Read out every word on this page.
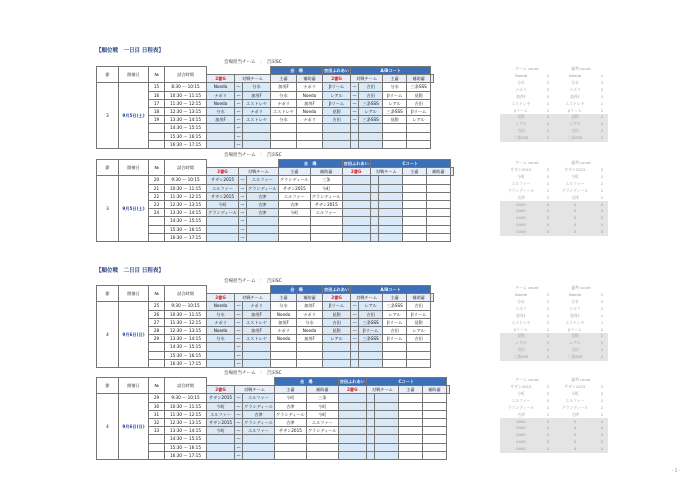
【順位戦　一日目 日程表】
会場担当チーム　：　吉田SC
節	開催日	№	試合時間				会　場		吉田ふれあい	A/Bコート				
				2審G	対戦チーム		主審	補助審	2審G	対戦チーム		主審	補助審	
3	9月5日(土)	15	8:30 〜 10:15	Noeda	—	分水	加茂F	ナポリ	JIリーム	—	吉田	分水	三条SSS	
		16	10:30 〜 11:15	ナポリ	—	加茂F	分水	Noeda	レアル	—	吉田	JIリーム	見附	
		17	11:30 〜 12:15	Noeda	—	エストレヤ	ナポリ	加茂F	JIリーム	—	三条SSS	レアル	吉田	
		18	12:30 〜 13:15	分水	—	ナポリ	エストレヤ	Noeda	見附	—	レアル	三条SSS	JIリーム	
		19	13:30 〜 14:15	加茂F	—	エストレヤ	分水	ナポリ	吉田	—	三条SSS	見附	レアル	
			14:30 〜 15:15		—									
			15:30 〜 16:15		—									
			16:30 〜 17:15		—									
会場担当チーム　：　吉田SC
節	開催日	№	試合時間				会　場		吉田ふれあい	Cコート				
				2審G	対戦チーム		主審	補助審	2審G	対戦チーム		主審	補助審	
3	9月5日(土)	20	9:30 〜 10:15	サザン2015	—	エルファー	グランディール	三条						
		21	10:30 〜 11:15	エルファー	—	グランディール	サザン2015	今町						
		22	11:30 〜 12:15	サザン2015	—	吉津	エルファー	グランディール						
		23	12:30 〜 13:15	今町	—	吉津	吉津	サザン2015						
		24	13:30 〜 14:15	グランディール	—	吉津	今町	エルファー						
			14:30 〜 15:15		—									
			15:30 〜 16:15		—									
			16:30 〜 17:15		—									
【順位戦　二日目 日程表】
会場担当チーム　：　吉田SC
節	開催日	№	試合時間				会　場		吉田ふれあい	A/Bコート				
				2審G	対戦チーム		主審	補助審	2審G	対戦チーム		主審	補助審	
4	9月6日(日)	25	9:30 〜 10:15	Noeda	—	ナポリ	分水	加茂F	JIリーム	—	レアル	三条SSS	吉田	
		26	10:30 〜 11:15	分水	—	加茂F	Noeda	ナポリ	見附	—	吉田	レアル	JIリーム	
		27	11:30 〜 12:15	ナポリ	—	エストレヤ	加茂F	分水	吉田	—	三条SSS	JIリーム	見附	
		28	12:30 〜 13:15	Noeda	—	加茂F	ナポリ	Noeda	見附	—	JIリーム	吉田	レアル	
		29	13:30 〜 14:15	分水	—	エストレヤ	Noeda	加茂F	レアル	—	三条SSS	JIリーム	吉田	
			14:30 〜 15:15		—									
			15:30 〜 16:15		—									
			16:30 〜 17:15		—									
会場担当チーム　：　吉田SC
節	開催日	№	試合時間				会　場		吉田ふれあい	Cコート				
				2審G	対戦チーム		主審	補助審	2審G	対戦チーム		主審	補助審	
4	9月6日(日)	29	9:30 〜 10:15	サザン2015	—	エルファー	今町	三条						
		30	10:30 〜 11:15	今町	—	グランディール	吉津	今町						
		31	11:30 〜 12:15	エルファー	—	吉津	グランディール	今町						
		32	12:30 〜 13:15	サザン2015	—	グランディール	吉津	エルファー						
		33	13:30 〜 14:15	今町	—	エルファー	サザン2015	グランディール						
			14:30 〜 15:15		—									
			15:30 〜 16:15		—									
			16:30 〜 17:15		—									
チーム count		審判 count	
Noeda	2	Noeda	2
分水	2	分水	3
ナポリ	2	ナポリ	2
加茂F	2	加茂F	2
エストレヤ	2	エストレヤ	1
JIリーム	2	JIリーム	2
見附	2	見附	2
レアル	2	レアル	2
吉田	2	吉田	2
三条SSS	2	三条SSS	2
チーム count		審判 count	
サザン2015	3	サザン2015	2
今町	2	今町	2
エルファー	2	エルファー	2
グランディール	2	グランディール	2
吉津	2	吉津	2
0000	0	0	0
0000	0	0	0
0000	0	0	0
0000	0	0	0
0000	0	0	0
チーム count		審判 count	
Noeda	2	Noeda	2
分水	2	分水	3
ナポリ	2	ナポリ	2
加茂F	2	加茂F	2
エストレヤ	2	エストレヤ	1
JIリーム	2	JIリーム	2
見附	2	見附	2
レアル	2	レアル	2
吉田	2	吉田	2
三条SSS	2	三条SSS	2
チーム count		審判 count	
サザン2015	3	サザン2015	2
今町	2	今町	2
エルファー	2	エルファー	2
グランディール	2	グランディール	2
吉津	2	吉津	2
0000	0	0	0
0000	0	0	0
0000	0	0	0
0000	0	0	0
0000	0	0	0
- 1 -
